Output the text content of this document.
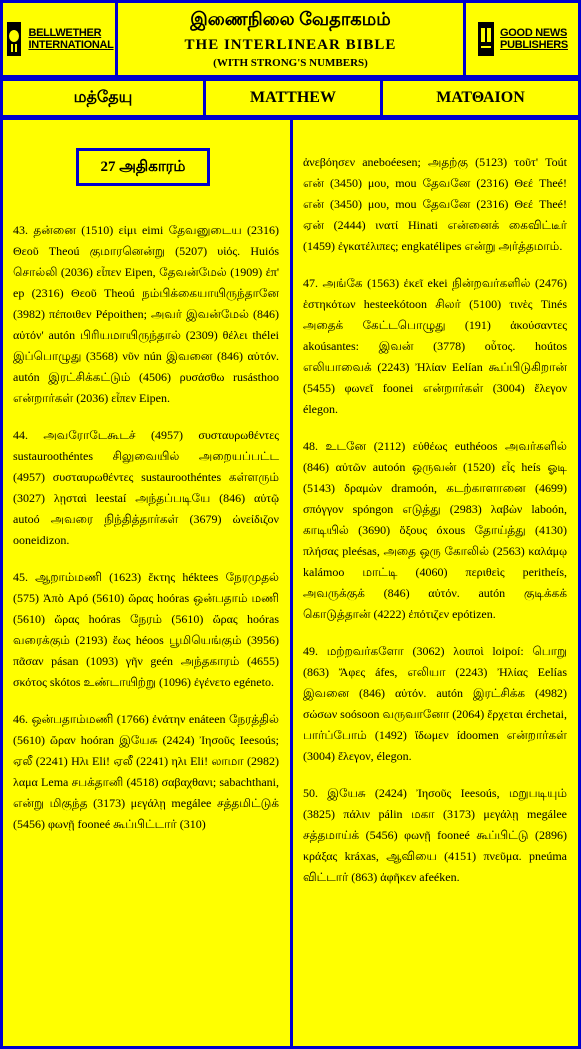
BELLWETHER
INTERNATIONAL
இணைநிலை வேதாகமம்
THE INTERLINEAR BIBLE
(WITH STRONG'S NUMBERS)
GOOD NEWS
PUBLISHERS
மத்தேயு	MATTHEW	ΜΑΤΘΑΙΟΝ
27 அதிகாரம்

43. தன்னை (1510) εἰμι eimi தேவனுடைய (2316) Θεοῦ Theoú குமாரனென்று (5207) υἱός. Huiós சொல்லி (2036) εἶπεν Eipen, தேவன்மேல் (1909) ἐπ' ep (2316) Θεοῦ Theoú நம்பிக்கையாயிருந்தானே (3982) πέποιθεν Pépoithen; அவர் இவன்மேல் (846) αὐτόν' autón பிரியமாயிருந்தால் (2309) θέλει thélei இப்பொழுது (3568) νῦν nún இவனை (846) αὐτόν. autón இரட்சிக்கட்டும் (4506) ρυσάσθω rusásthoo என்றார்கள் (2036) εἶπεν Eipen.

44. அவரோடேகூடச் (4957) συσταυρωθέντες sustauroothéntes சிலுவையில் அறையப்பட்ட (4957) συσταυρωθέντες sustauroothéntes கள்ளரும் (3027) λῃσταὶ leestaí அந்தப்படியே (846) αὐτῷ autoó அவரை நிந்தித்தார்கள் (3679) ὠνείδιζον ooneidizon.

45. ஆறாம்மணி (1623) ἕκτης héktees நேரமுதல் (575) Ἀπὸ Apó (5610) ὥρας hoóras ஒன்பதாம் மணி (5610) ὥρας hoóras நேரம் (5610) ὥρας hoóras வரைக்கும் (2193) ἕως héoos பூமியெங்கும் (3956) πᾶσαν pásan (1093) γῆν geén அந்தகாரம் (4655) σκότος skótos உண்டாயிற்று (1096) ἐγένετο egéneto.

46. ஒன்பதாம்மணி (1766) ἐνάτην enáteen நேரத்தில் (5610) ὥραν hoóran இயேசு (2424) Ἰησοῦς Ieesoús; ஏலீ (2241) Ηλι Eli! ஏலீ (2241) ηλι Eli! லாமா (2982) λαμα Lema சபக்தானி (4518) σαβαχθανι; sabachthani, என்று மிகுந்த (3173) μεγάλῃ megálee சத்தமிட்டுக் (5456) φωνῇ fooneé கூப்பிட்டார் (310)

ἀνεβόησεν aneboéesen; அதற்கு (5123) τοῦτ' Toút என் (3450) μου, mou தேவனே (2316) Θεέ Theé! என் (3450) μου, mou தேவனே (2316) Θεέ Theé! ஏன் (2444) ινατί Hinati என்னைக் கைவிட்டீர் (1459) ἐγκατέλιπες; engkatélipes என்று அர்த்தமாம்.

47. அங்கே (1563) ἐκεῖ ekei நின்றவர்களில் (2476) ἑστηκότων hesteekótoon சிலர் (5100) τινὲς Tinés அதைக் கேட்டபொழுது (191) ἀκούσαντες akoúsantes: இவன் (3778) οὗτος. hoútos எலியாவைக் (2243) Ἠλίαν Eelían கூப்பிடுகிறான் (5455) φωνεῖ foonei என்றார்கள் (3004) ἔλεγον élegon.

48. உடனே (2112) εὐθέως euthéoos அவர்களில் (846) αὐτῶν autoón ஒருவன் (1520) εἷς heís ஓடி (5143) δραμὼν dramoón, கடற்காளானை (4699) σπόγγον spóngon எடுத்து (2983) λαβὼν laboón, காடியில் (3690) ὄξους óxous தோய்த்து (4130) πλήσας pleésas, அதை ஒரு கோலில் (2563) καλάμῳ kalámoo மாட்டி (4060) περιθεὶς peritheís, அவருக்குக் (846) αὐτόν. autón குடிக்கக் கொடுத்தான் (4222) ἐπότιζεν epótizen.

49. மற்றவர்களோ (3062) λοιποὶ loipoí: பொறு (863) Ἄφες áfes, எலியா (2243) Ἠλίας Eelías இவனை (846) αὐτόν. autón இரட்சிக்க (4982) σώσων soósoon வருவானோ (2064) ἔρχεται érchetai, பார்ப்போம் (1492) ἴδωμεν ídoomen என்றார்கள் (3004) ἔλεγον, élegon.

50. இயேசு (2424) Ἰησοῦς Ieesoús, மறுபடியும் (3825) πάλιν pálin மகா (3173) μεγάλῃ megálee சத்தமாய்க் (5456) φωνῇ fooneé கூப்பிட்டு (2896) κράξας kráxas, ஆவியை (4151) πνεῦμα. pneúma விட்டார் (863) ἀφῆκεν afeéken.
